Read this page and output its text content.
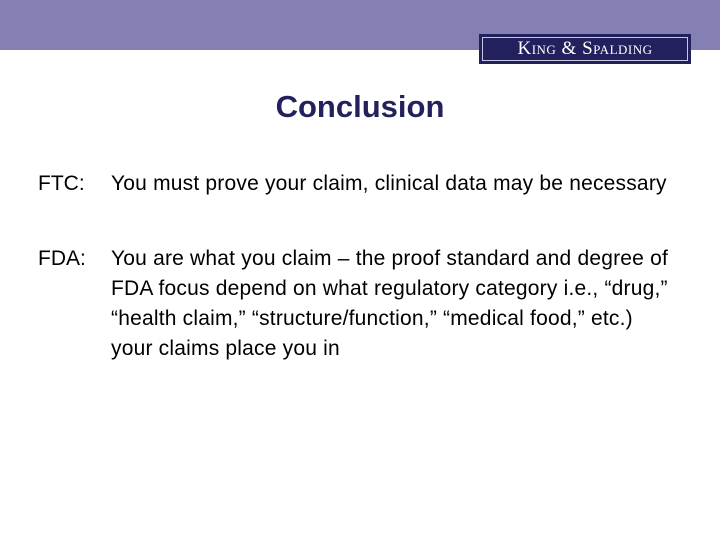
King & Spalding
Conclusion
FTC: You must prove your claim, clinical data may be necessary
FDA: You are what you claim – the proof standard and degree of FDA focus depend on what regulatory category i.e., “drug,” “health claim,” “structure/function,” “medical food,” etc.) your claims place you in
